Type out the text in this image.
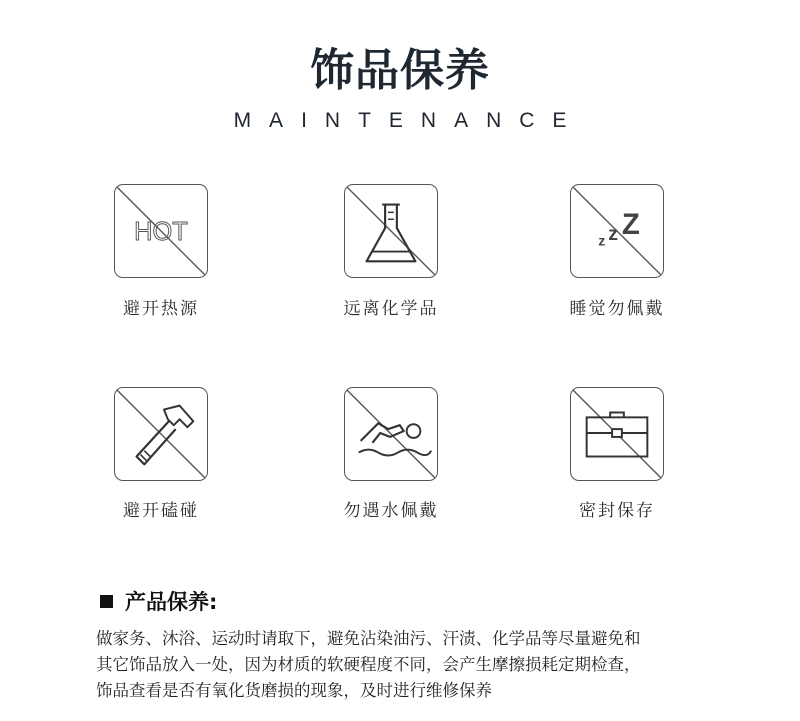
饰品保养
MAINTENANCE
HOT
避开热源	远离化学品
z z Z
睡觉勿佩戴
避开磕碰	勿遇水佩戴	密封保存
产品保养:
做家务、沐浴、运动时请取下，避免沾染油污、汗渍、化学品等尽量避免和
其它饰品放入一处，因为材质的软硬程度不同，会产生摩擦损耗定期检查，
饰品查看是否有氧化货磨损的现象，及时进行维修保养
